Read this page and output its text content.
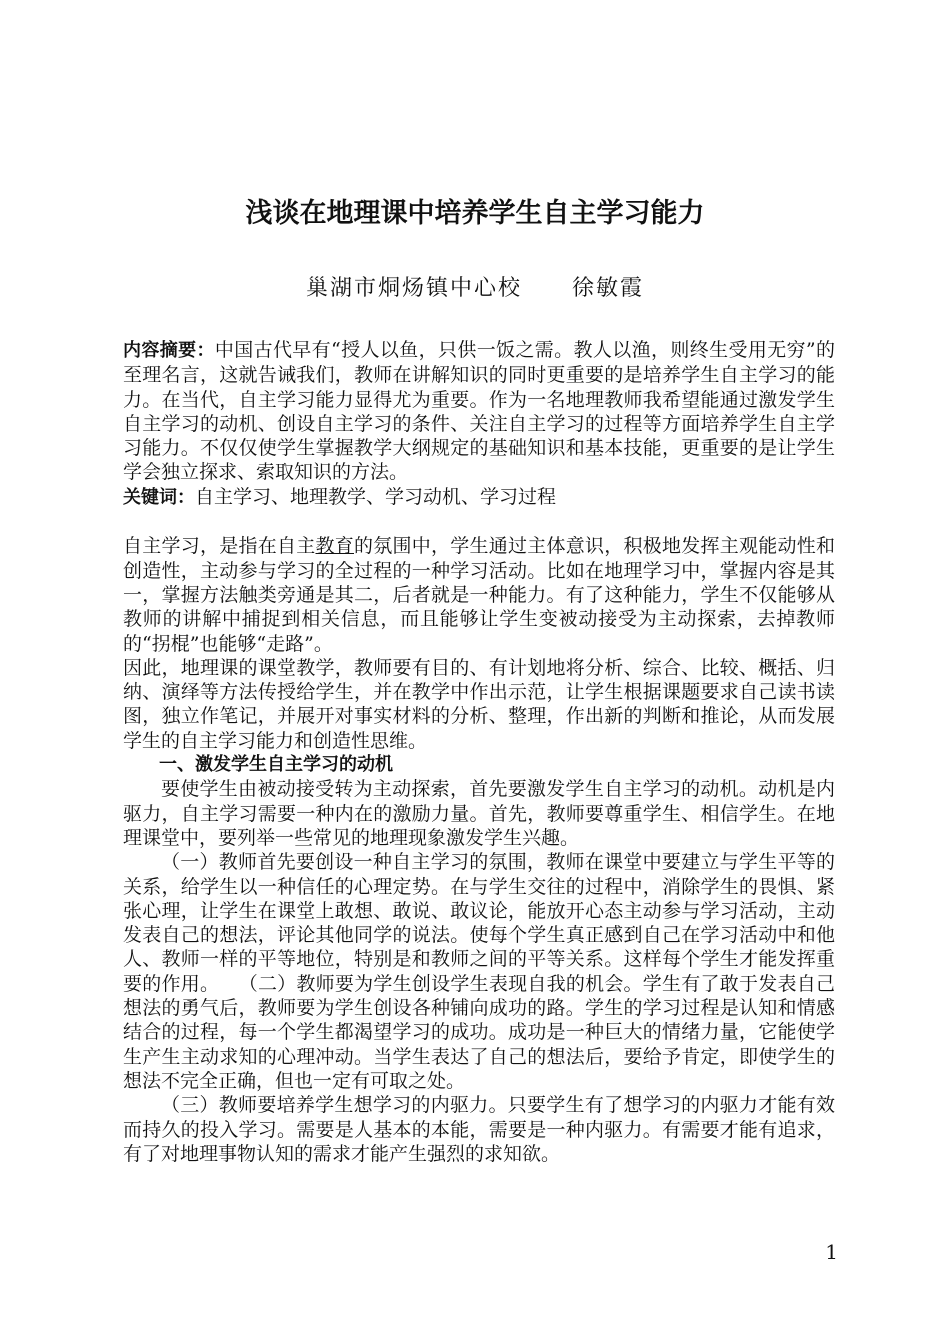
浅谈在地理课中培养学生自主学习能力
巢湖市烔炀镇中心校 徐敏霞

内容摘要：中国古代早有“授人以鱼，只供一饭之需。教人以渔，则终生受用无穷”的至理名言，这就告诫我们，教师在讲解知识的同时更重要的是培养学生自主学习的能力。在当代，自主学习能力显得尤为重要。作为一名地理教师我希望能通过激发学生自主学习的动机、创设自主学习的条件、关注自主学习的过程等方面培养学生自主学习能力。不仅仅使学生掌握教学大纲规定的基础知识和基本技能，更重要的是让学生学会独立探求、索取知识的方法。

关键词：自主学习、地理教学、学习动机、学习过程

自主学习，是指在自主教育的氛围中，学生通过主体意识，积极地发挥主观能动性和创造性，主动参与学习的全过程的一种学习活动。比如在地理学习中，掌握内容是其一，掌握方法触类旁通是其二，后者就是一种能力。有了这种能力，学生不仅能够从教师的讲解中捕捉到相关信息，而且能够让学生变被动接受为主动探索，去掉教师的“拐棍”也能够“走路”。

因此，地理课的课堂教学，教师要有目的、有计划地将分析、综合、比较、概括、归纳、演绎等方法传授给学生，并在教学中作出示范，让学生根据课题要求自己读书读图，独立作笔记，并展开对事实材料的分析、整理，作出新的判断和推论，从而发展学生的自主学习能力和创造性思维。

一、激发学生自主学习的动机

要使学生由被动接受转为主动探索，首先要激发学生自主学习的动机。动机是内驱力，自主学习需要一种内在的激励力量。首先，教师要尊重学生、相信学生。在地理课堂中，要列举一些常见的地理现象激发学生兴趣。

（一）教师首先要创设一种自主学习的氛围，教师在课堂中要建立与学生平等的关系，给学生以一种信任的心理定势。在与学生交往的过程中，消除学生的畏惧、紧张心理，让学生在课堂上敢想、敢说、敢议论，能放开心态主动参与学习活动，主动发表自己的想法，评论其他同学的说法。使每个学生真正感到自己在学习活动中和他人、教师一样的平等地位，特别是和教师之间的平等关系。这样每个学生才能发挥重要的作用。　　（二）教师要为学生创设学生表现自我的机会。学生有了敢于发表自己想法的勇气后，教师要为学生创设各种铺向成功的路。学生的学习过程是认知和情感结合的过程，每一个学生都渴望学习的成功。成功是一种巨大的情绪力量，它能使学生产生主动求知的心理冲动。当学生表达了自己的想法后，要给予肯定，即使学生的想法不完全正确，但也一定有可取之处。

（三）教师要培养学生想学习的内驱力。只要学生有了想学习的内驱力才能有效而持久的投入学习。需要是人基本的本能，需要是一种内驱力。有需要才能有追求，有了对地理事物认知的需求才能产生强烈的求知欲。

1
